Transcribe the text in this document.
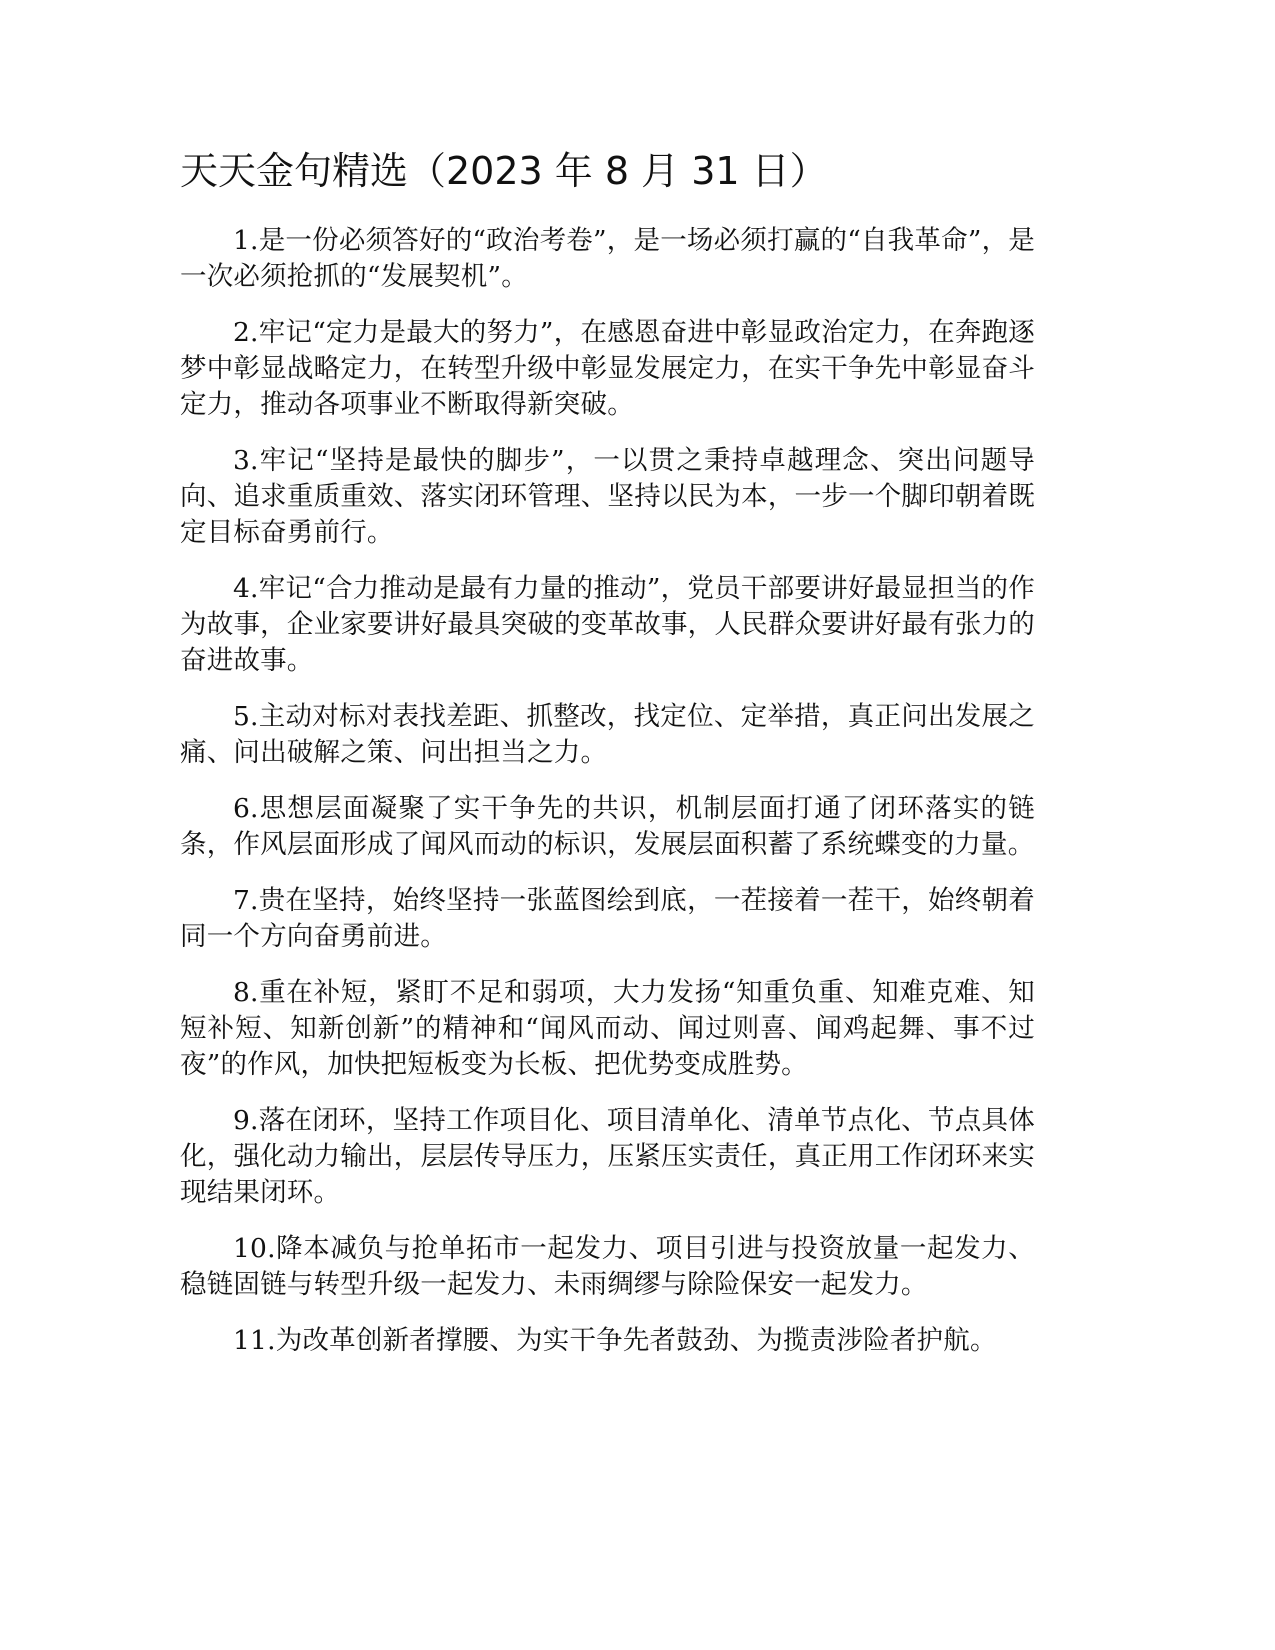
天天金句精选（2023 年 8 月 31 日）

1.是一份必须答好的“政治考卷”，是一场必须打赢的“自我革命”，是一次必须抢抓的“发展契机”。

2.牢记“定力是最大的努力”，在感恩奋进中彰显政治定力，在奔跑逐梦中彰显战略定力，在转型升级中彰显发展定力，在实干争先中彰显奋斗定力，推动各项事业不断取得新突破。

3.牢记“坚持是最快的脚步”，一以贯之秉持卓越理念、突出问题导向、追求重质重效、落实闭环管理、坚持以民为本，一步一个脚印朝着既定目标奋勇前行。

4.牢记“合力推动是最有力量的推动”，党员干部要讲好最显担当的作为故事，企业家要讲好最具突破的变革故事，人民群众要讲好最有张力的奋进故事。

5.主动对标对表找差距、抓整改，找定位、定举措，真正问出发展之痛、问出破解之策、问出担当之力。

6.思想层面凝聚了实干争先的共识，机制层面打通了闭环落实的链条，作风层面形成了闻风而动的标识，发展层面积蓄了系统蝶变的力量。

7.贵在坚持，始终坚持一张蓝图绘到底，一茬接着一茬干，始终朝着同一个方向奋勇前进。

8.重在补短，紧盯不足和弱项，大力发扬“知重负重、知难克难、知短补短、知新创新”的精神和“闻风而动、闻过则喜、闻鸡起舞、事不过夜”的作风，加快把短板变为长板、把优势变成胜势。

9.落在闭环，坚持工作项目化、项目清单化、清单节点化、节点具体化，强化动力输出，层层传导压力，压紧压实责任，真正用工作闭环来实现结果闭环。

10.降本减负与抢单拓市一起发力、项目引进与投资放量一起发力、稳链固链与转型升级一起发力、未雨绸缪与除险保安一起发力。

11.为改革创新者撑腰、为实干争先者鼓劲、为揽责涉险者护航。
